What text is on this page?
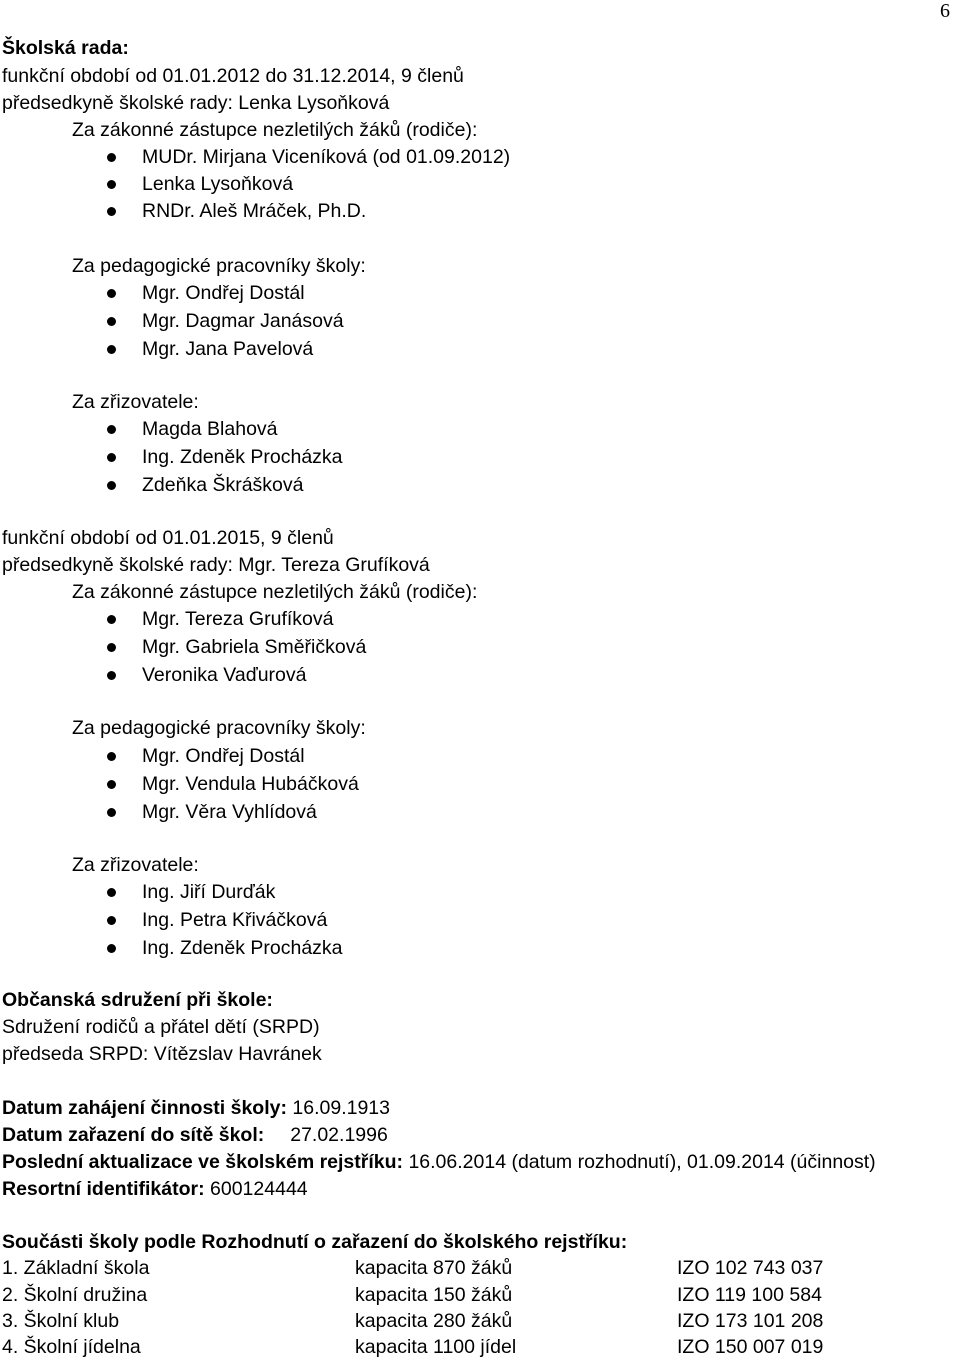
6
Školská rada:
funkční období od 01.01.2012 do 31.12.2014, 9 členů
předsedkyně školské rady: Lenka Lysoňková
Za zákonné zástupce nezletilých žáků (rodiče):
MUDr. Mirjana Viceníková (od 01.09.2012)
Lenka Lysoňková
RNDr. Aleš Mráček, Ph.D.
Za pedagogické pracovníky školy:
Mgr. Ondřej Dostál
Mgr. Dagmar Janásová
Mgr. Jana Pavelová
Za zřizovatele:
Magda Blahová
Ing. Zdeněk Procházka
Zdeňka Škrášková
funkční období od 01.01.2015, 9 členů
předsedkyně školské rady: Mgr. Tereza Grufíková
Za zákonné zástupce nezletilých žáků (rodiče):
Mgr. Tereza Grufíková
Mgr. Gabriela Směřičková
Veronika Vaďurová
Za pedagogické pracovníky školy:
Mgr. Ondřej Dostál
Mgr. Vendula Hubáčková
Mgr. Věra Vyhlídová
Za zřizovatele:
Ing. Jiří Durďák
Ing. Petra Křiváčková
Ing. Zdeněk Procházka
Občanská sdružení při škole:
Sdružení rodičů a přátel dětí (SRPD)
předseda SRPD: Vítězslav Havránek
Datum zahájení činnosti školy: 16.09.1913
Datum zařazení do sítě škol: 27.02.1996
Poslední aktualizace ve školském rejstříku: 16.06.2014 (datum rozhodnutí), 01.09.2014 (účinnost)
Resortní identifikátor: 600124444
Součásti školy podle Rozhodnutí o zařazení do školského rejstříku:
1. Základní škola	kapacita 870 žáků	IZO 102 743 037
2. Školní družina	kapacita 150 žáků	IZO 119 100 584
3. Školní klub	kapacita 280 žáků	IZO 173 101 208
4. Školní jídelna	kapacita 1100 jídel	IZO 150 007 019
